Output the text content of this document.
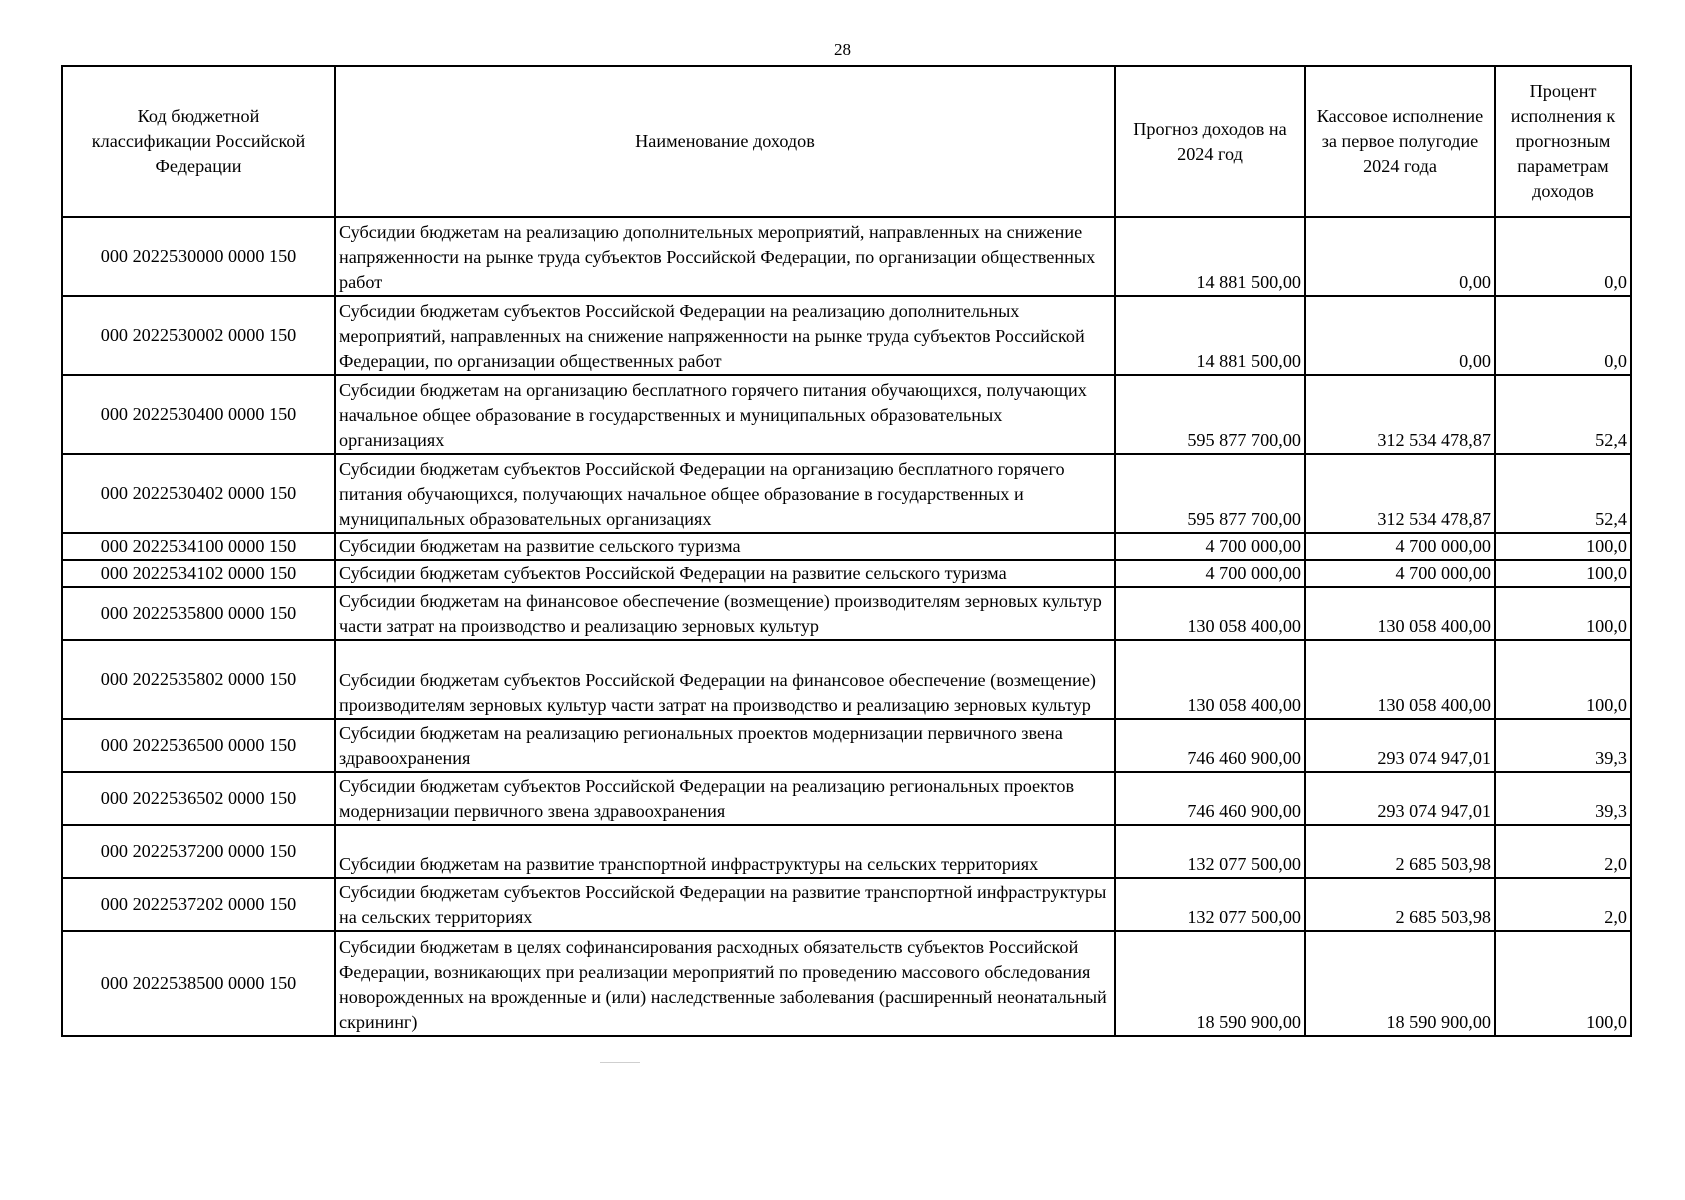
28
Код бюджетной классификации Российской Федерации	Наименование доходов	Прогноз доходов на 2024 год	Кассовое исполнение за первое полугодие 2024 года	Процент исполнения к прогнозным параметрам доходов
000 2022530000 0000 150	Субсидии бюджетам на реализацию дополнительных мероприятий, направленных на снижение напряженности на рынке труда субъектов Российской Федерации, по организации общественных работ	14 881 500,00	0,00	0,0
000 2022530002 0000 150	Субсидии бюджетам субъектов Российской Федерации на реализацию дополнительных мероприятий, направленных на снижение напряженности на рынке труда субъектов Российской Федерации, по организации общественных работ	14 881 500,00	0,00	0,0
000 2022530400 0000 150	Субсидии бюджетам на организацию бесплатного горячего питания обучающихся, получающих начальное общее образование в государственных и муниципальных образовательных организациях	595 877 700,00	312 534 478,87	52,4
000 2022530402 0000 150	Субсидии бюджетам субъектов Российской Федерации на организацию бесплатного горячего питания обучающихся, получающих начальное общее образование в государственных и муниципальных образовательных организациях	595 877 700,00	312 534 478,87	52,4
000 2022534100 0000 150	Субсидии бюджетам на развитие сельского туризма	4 700 000,00	4 700 000,00	100,0
000 2022534102 0000 150	Субсидии бюджетам субъектов Российской Федерации на развитие сельского туризма	4 700 000,00	4 700 000,00	100,0
000 2022535800 0000 150	Субсидии бюджетам на финансовое обеспечение (возмещение) производителям зерновых культур части затрат на производство и реализацию зерновых культур	130 058 400,00	130 058 400,00	100,0
000 2022535802 0000 150	Субсидии бюджетам субъектов Российской Федерации на финансовое обеспечение (возмещение) производителям зерновых культур части затрат на производство и реализацию зерновых культур	130 058 400,00	130 058 400,00	100,0
000 2022536500 0000 150	Субсидии бюджетам на реализацию региональных проектов модернизации первичного звена здравоохранения	746 460 900,00	293 074 947,01	39,3
000 2022536502 0000 150	Субсидии бюджетам субъектов Российской Федерации на реализацию региональных проектов модернизации первичного звена здравоохранения	746 460 900,00	293 074 947,01	39,3
000 2022537200 0000 150	Субсидии бюджетам на развитие транспортной инфраструктуры на сельских территориях	132 077 500,00	2 685 503,98	2,0
000 2022537202 0000 150	Субсидии бюджетам субъектов Российской Федерации на развитие транспортной инфраструктуры на сельских территориях	132 077 500,00	2 685 503,98	2,0
000 2022538500 0000 150	Субсидии бюджетам в целях софинансирования расходных обязательств субъектов Российской Федерации, возникающих при реализации мероприятий по проведению массового обследования новорожденных на врожденные и (или) наследственные заболевания (расширенный неонатальный скрининг)	18 590 900,00	18 590 900,00	100,0
